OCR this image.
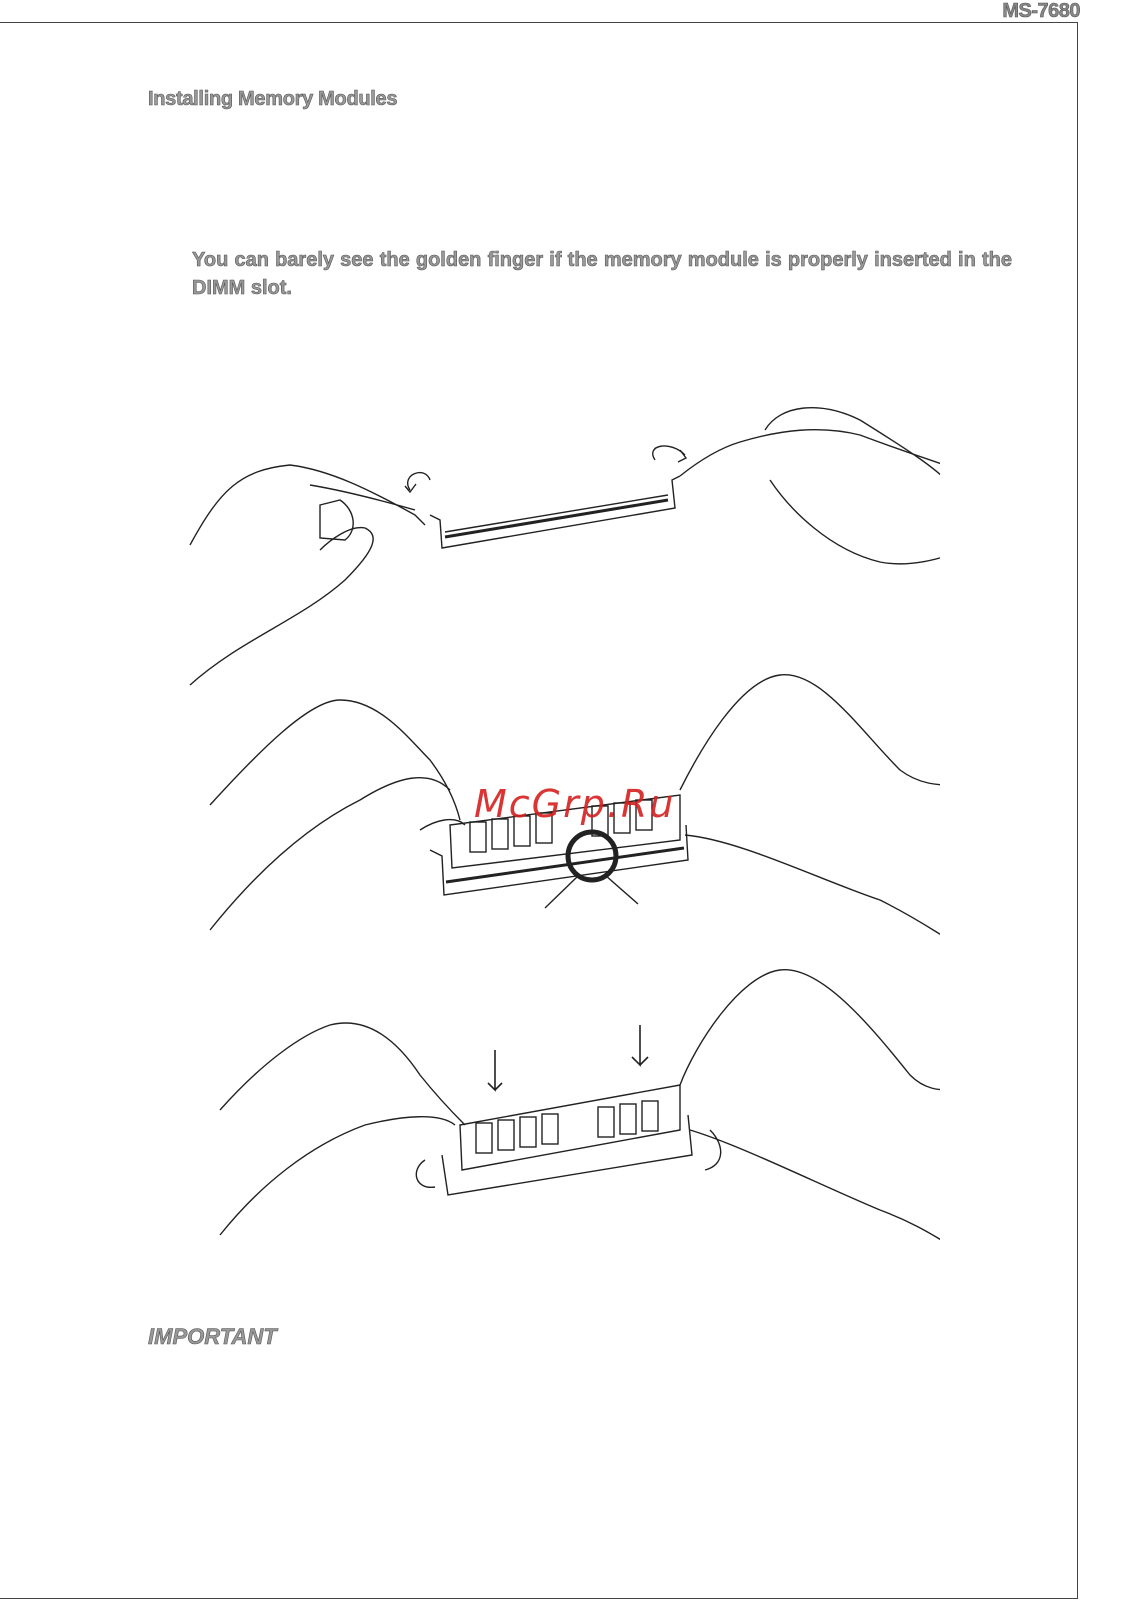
MS-7680
Installing Memory Modules
You can barely see the golden finger if the memory module is properly inserted in the DIMM slot.
McGrp.Ru
IMPORTANT
